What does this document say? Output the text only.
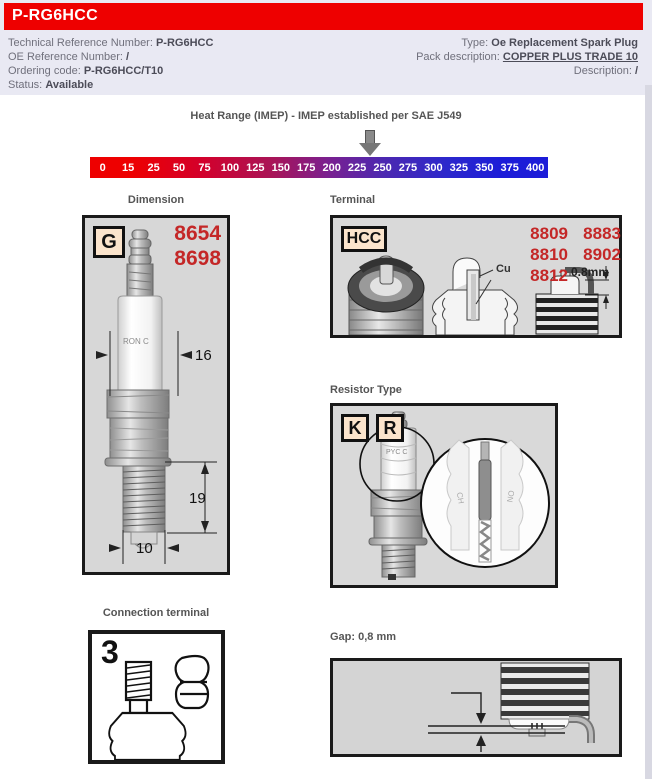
P-RG6HCC
Technical Reference Number: P-RG6HCC
OE Reference Number: /
Ordering code: P-RG6HCC/T10
Status: Available
Type: Oe Replacement Spark Plug
Pack description: COPPER PLUS TRADE 10
Description: /
Heat Range (IMEP) - IMEP established per SAE J549
0	15	25	50	75 100 125 150 175 200 225 250 275 300 325 350 375 400
Dimension
RON C
G	8654
8698
16
19
10
Terminal
HCC	8809
8810
8812
8883
8902
0.8mm
Cu
Resistor Type
PYC C
CH	ON
K	R
Connection terminal
3	Gap: 0,8 mm
